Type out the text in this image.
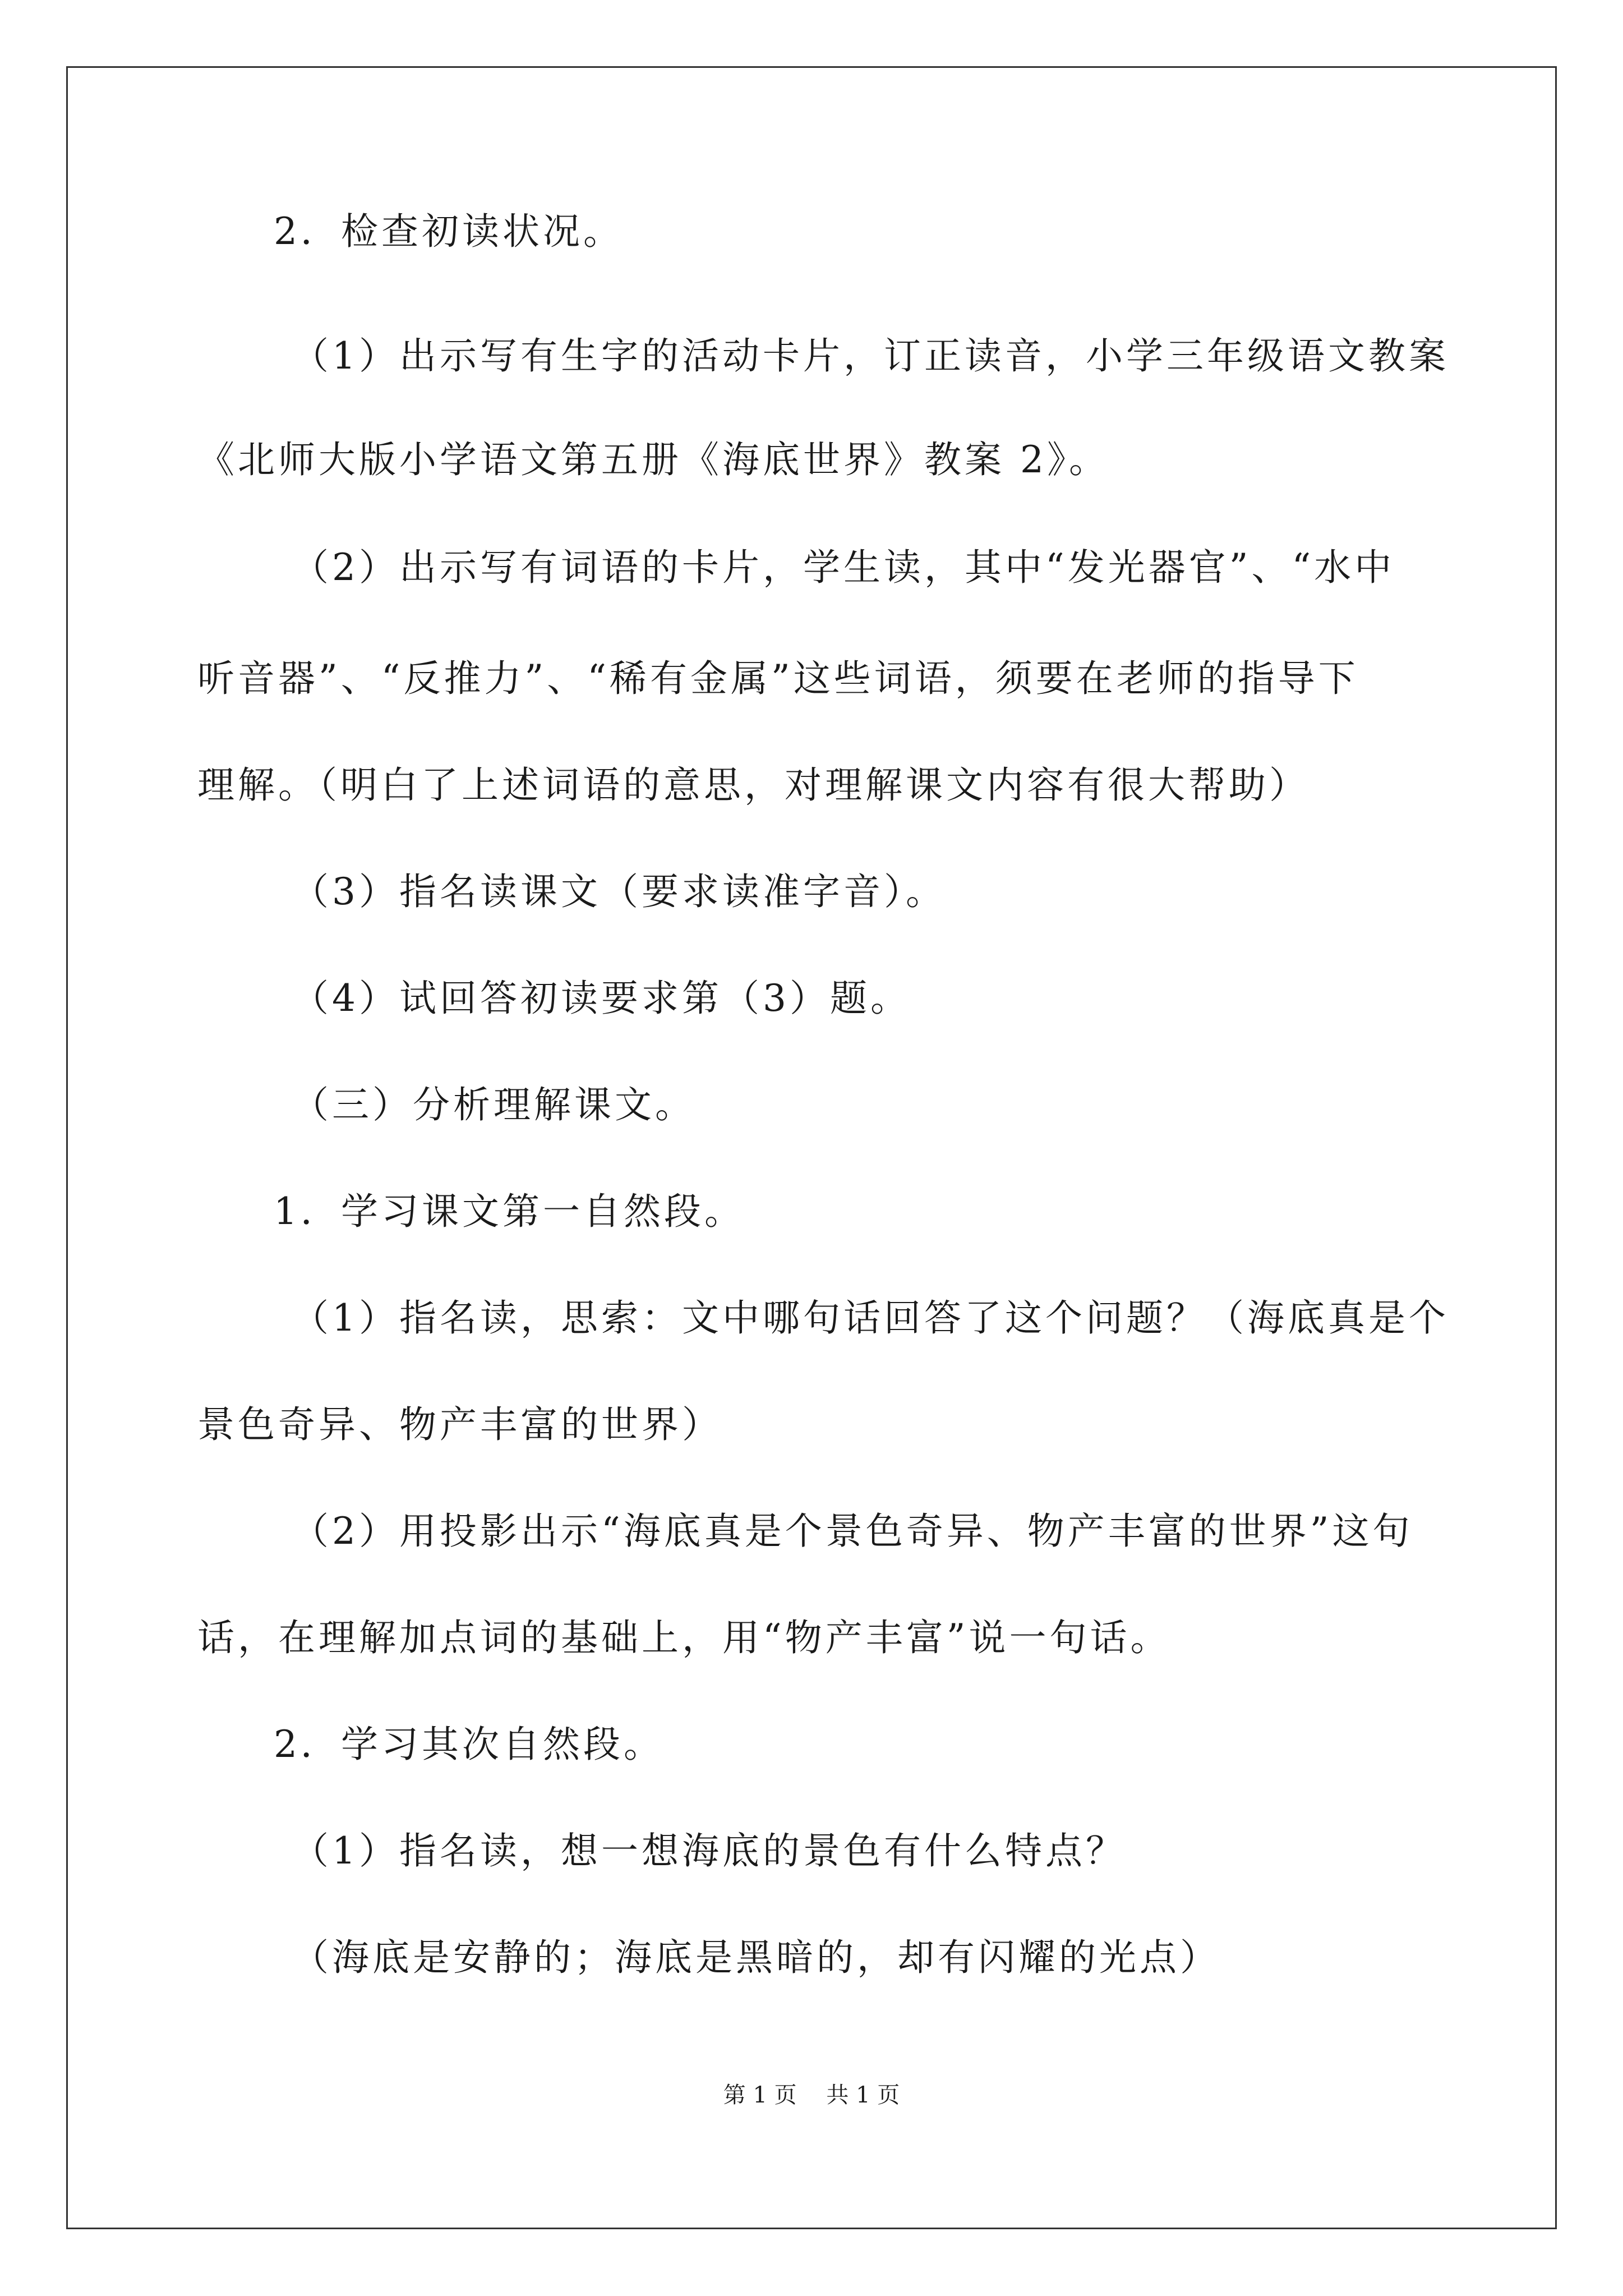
2．检查初读状况。
（1）出示写有生字的活动卡片，订正读音，小学三年级语文教案
《北师大版小学语文第五册《海底世界》教案 2》。
（2）出示写有词语的卡片，学生读，其中“发光器官”、“水中
听音器”、“反推力”、“稀有金属”这些词语，须要在老师的指导下
理解。（明白了上述词语的意思，对理解课文内容有很大帮助）
（3）指名读课文（要求读准字音）。
（4）试回答初读要求第（3）题。
（三）分析理解课文。
1．学习课文第一自然段。
（1）指名读，思索：文中哪句话回答了这个问题？（海底真是个
景色奇异、物产丰富的世界）
（2）用投影出示“海底真是个景色奇异、物产丰富的世界”这句
话，在理解加点词的基础上，用“物产丰富”说一句话。
2．学习其次自然段。
（1）指名读，想一想海底的景色有什么特点？
（海底是安静的；海底是黑暗的，却有闪耀的光点）
第 1 页 共 1 页
